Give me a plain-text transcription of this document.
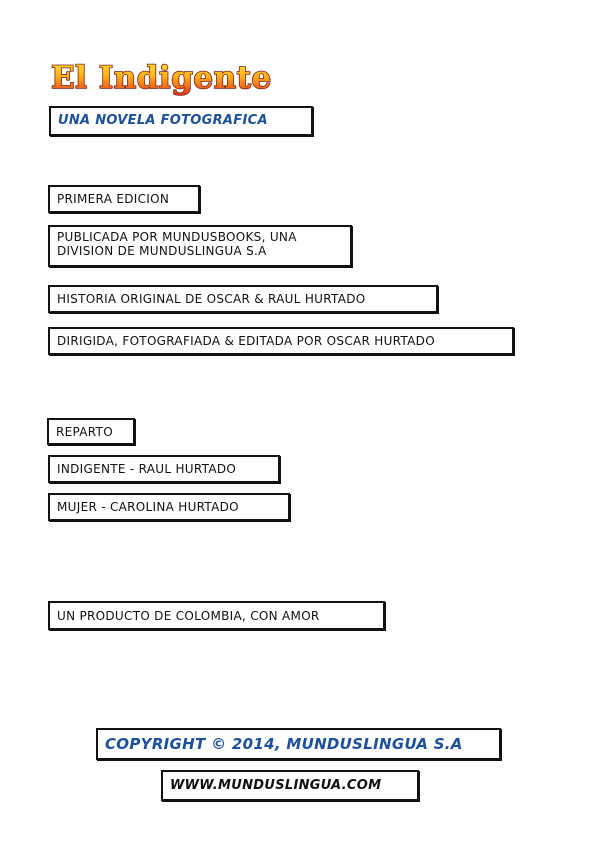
El Indigente
UNA NOVELA FOTOGRAFICA
PRIMERA EDICION
PUBLICADA POR MUNDUSBOOKS, UNA
DIVISION DE MUNDUSLINGUA S.A
HISTORIA ORIGINAL DE OSCAR & RAUL HURTADO
DIRIGIDA, FOTOGRAFIADA & EDITADA POR OSCAR HURTADO
REPARTO
INDIGENTE - RAUL HURTADO
MUJER - CAROLINA HURTADO
UN PRODUCTO DE COLOMBIA, CON AMOR
COPYRIGHT © 2014, MUNDUSLINGUA S.A
WWW.MUNDUSLINGUA.COM
